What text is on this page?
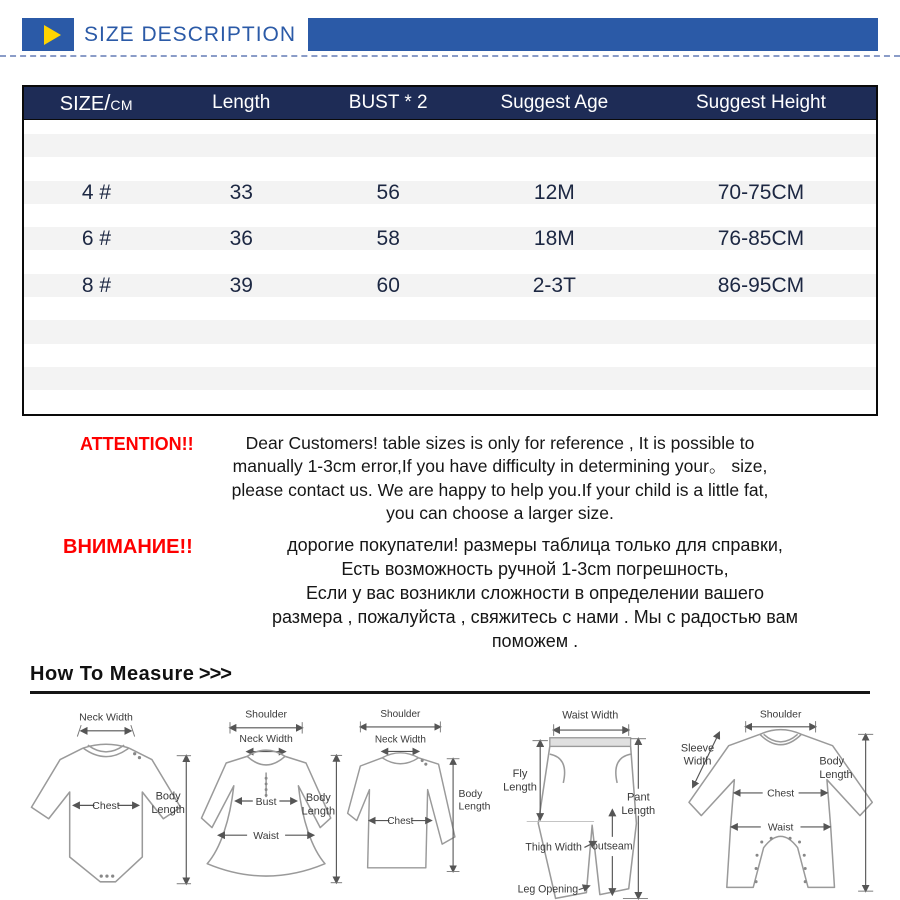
SIZE DESCRIPTION
SIZE/CM	Length	BUST * 2	Suggest Age	Suggest Height
4 #	33	56	12M	70-75CM
6 #	36	58	18M	76-85CM
8 #	39	60	2-3T	86-95CM
ATTENTION!!	Dear Customers! table sizes is only for reference , It is possible to
manually 1-3cm error,If you have difficulty in determining your。 size,
please contact us. We are happy to help you.If your child is a little fat,
you can choose a larger size.
ВНИМАНИЕ!!	дорогие покупатели! размеры таблица только для справки,
Есть возможность ручной 1-3cm погрешность,
Если у вас возникли сложности в определении вашего
размера , пожалуйста , свяжитесь с нами . Мы с радостью вам
поможем .
How To Measure >>>
Neck Width
Chest
Body
Length
Shoulder
Neck Width
Bust
Waist
Body
Length
Shoulder
Neck Width
Chest
Body
Length
Waist Width
Fly
Length
Pant
Length
outseam
Thigh Width
Leg Opening
Shoulder
Sleeve
Width
Chest
Waist
Body
Length
